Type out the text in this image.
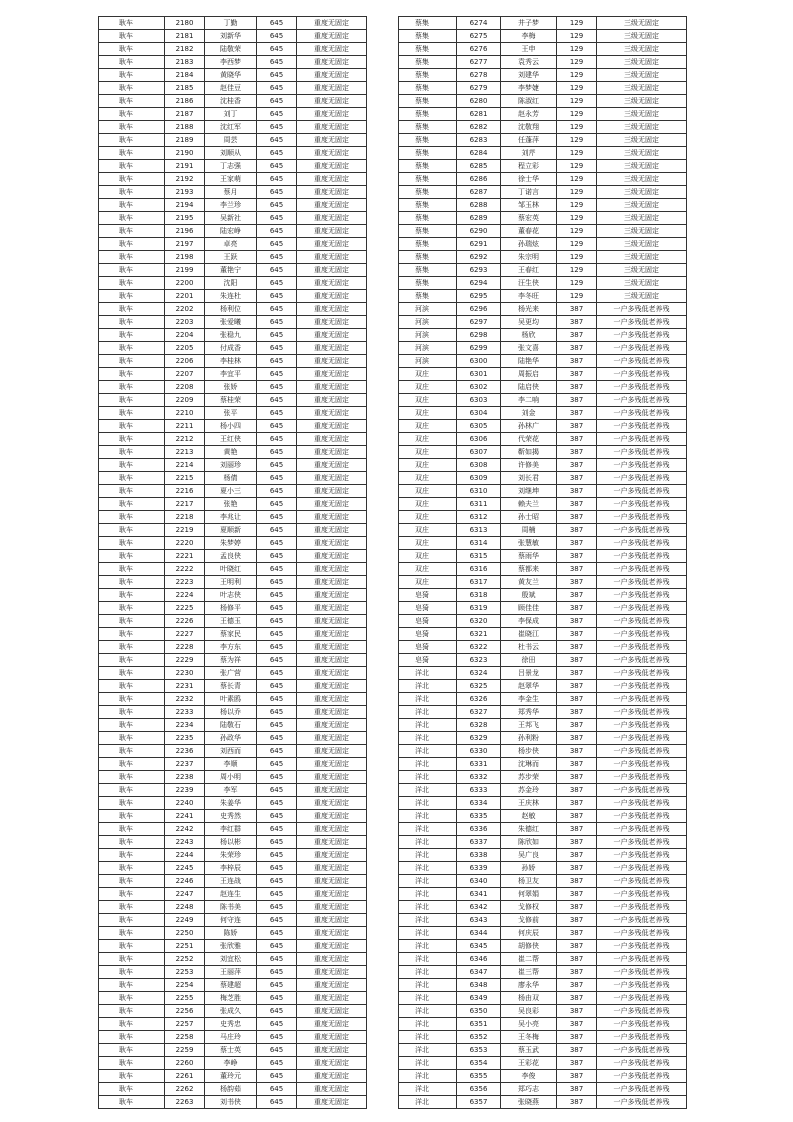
耿车	2180	丁勤	645	重度无固定
耿车	2181	刘新华	645	重度无固定
耿车	2182	陆敬荣	645	重度无固定
耿车	2183	李西梦	645	重度无固定
耿车	2184	黄晓华	645	重度无固定
耿车	2185	赵佳豆	645	重度无固定
耿车	2186	沈桂香	645	重度无固定
耿车	2187	刘丁	645	重度无固定
耿车	2188	沈红军	645	重度无固定
耿车	2189	周芸	645	重度无固定
耿车	2190	刘顺从	645	重度无固定
耿车	2191	丁志强	645	重度无固定
耿车	2192	王家萌	645	重度无固定
耿车	2193	蔡月	645	重度无固定
耿车	2194	李兰珍	645	重度无固定
耿车	2195	吴新社	645	重度无固定
耿车	2196	陆宏峥	645	重度无固定
耿车	2197	卓亮	645	重度无固定
耿车	2198	王跃	645	重度无固定
耿车	2199	董艳宁	645	重度无固定
耿车	2200	沈阳	645	重度无固定
耿车	2201	朱连杜	645	重度无固定
耿车	2202	杨利位	645	重度无固定
耿车	2203	张爱曦	645	重度无固定
耿车	2204	张稳九	645	重度无固定
耿车	2205	付成香	645	重度无固定
耿车	2206	李桂林	645	重度无固定
耿车	2207	李宜平	645	重度无固定
耿车	2208	张娇	645	重度无固定
耿车	2209	蔡桂荣	645	重度无固定
耿车	2210	张平	645	重度无固定
耿车	2211	杨小四	645	重度无固定
耿车	2212	王红侠	645	重度无固定
耿车	2213	黄艳	645	重度无固定
耿车	2214	刘丽珍	645	重度无固定
耿车	2215	杨倩	645	重度无固定
耿车	2216	夏小三	645	重度无固定
耿车	2217	张艳	645	重度无固定
耿车	2218	李兆让	645	重度无固定
耿车	2219	夏顺新	645	重度无固定
耿车	2220	朱梦婷	645	重度无固定
耿车	2221	孟良侠	645	重度无固定
耿车	2222	叶晓红	645	重度无固定
耿车	2223	王明利	645	重度无固定
耿车	2224	叶志侠	645	重度无固定
耿车	2225	杨修平	645	重度无固定
耿车	2226	王德玉	645	重度无固定
耿车	2227	蔡家民	645	重度无固定
耿车	2228	李方东	645	重度无固定
耿车	2229	蔡为祥	645	重度无固定
耿车	2230	张广营	645	重度无固定
耿车	2231	蔡长青	645	重度无固定
耿车	2232	叶素鸥	645	重度无固定
耿车	2233	杨以乔	645	重度无固定
耿车	2234	陆敬石	645	重度无固定
耿车	2235	孙政华	645	重度无固定
耿车	2236	刘西而	645	重度无固定
耿车	2237	李顺	645	重度无固定
耿车	2238	周小明	645	重度无固定
耿车	2239	李军	645	重度无固定
耿车	2240	朱姜华	645	重度无固定
耿车	2241	史秀然	645	重度无固定
耿车	2242	李红群	645	重度无固定
耿车	2243	杨以彬	645	重度无固定
耿车	2244	朱荣珍	645	重度无固定
耿车	2245	李梓辰	645	重度无固定
耿车	2246	王连战	645	重度无固定
耿车	2247	赵连生	645	重度无固定
耿车	2248	陈书美	645	重度无固定
耿车	2249	何守连	645	重度无固定
耿车	2250	陈娇	645	重度无固定
耿车	2251	张欣雅	645	重度无固定
耿车	2252	刘宜松	645	重度无固定
耿车	2253	王丽萍	645	重度无固定
耿车	2254	蔡建超	645	重度无固定
耿车	2255	梅芝胜	645	重度无固定
耿车	2256	张成久	645	重度无固定
耿车	2257	史秀忠	645	重度无固定
耿车	2258	马庄玲	645	重度无固定
耿车	2259	蔡士英	645	重度无固定
耿车	2260	李峥	645	重度无固定
耿车	2261	董玲元	645	重度无固定
耿车	2262	杨韵茹	645	重度无固定
耿车	2263	刘书侠	645	重度无固定
蔡集	6274	井子梦	129	三级无固定
蔡集	6275	李梅	129	三级无固定
蔡集	6276	王申	129	三级无固定
蔡集	6277	袁秀云	129	三级无固定
蔡集	6278	刘建华	129	三级无固定
蔡集	6279	李梦婕	129	三级无固定
蔡集	6280	陈淑红	129	三级无固定
蔡集	6281	赵永芳	129	三级无固定
蔡集	6282	沈敬翔	129	三级无固定
蔡集	6283	任蓬萍	129	三级无固定
蔡集	6284	刘芹	129	三级无固定
蔡集	6285	程立彩	129	三级无固定
蔡集	6286	徐士华	129	三级无固定
蔡集	6287	丁诺言	129	三级无固定
蔡集	6288	邹玉林	129	三级无固定
蔡集	6289	蔡宏英	129	三级无固定
蔡集	6290	董春花	129	三级无固定
蔡集	6291	孙瑞炫	129	三级无固定
蔡集	6292	朱宗明	129	三级无固定
蔡集	6293	王春红	129	三级无固定
蔡集	6294	汪生侠	129	三级无固定
蔡集	6295	李冬旺	129	三级无固定
河滨	6296	杨光来	387	一户多残低老养残
河滨	6297	吴更均	387	一户多残低老养残
河滨	6298	杨欣	387	一户多残低老养残
河滨	6299	张文喜	387	一户多残低老养残
河滨	6300	陆艳华	387	一户多残低老养残
双庄	6301	周振启	387	一户多残低老养残
双庄	6302	陆启侠	387	一户多残低老养残
双庄	6303	李二响	387	一户多残低老养残
双庄	6304	刘金	387	一户多残低老养残
双庄	6305	孙林广	387	一户多残低老养残
双庄	6306	代荣花	387	一户多残低老养残
双庄	6307	靳如揭	387	一户多残低老养残
双庄	6308	许修美	387	一户多残低老养残
双庄	6309	刘长君	387	一户多残低老养残
双庄	6310	刘继坤	387	一户多残低老养残
双庄	6311	赖夫兰	387	一户多残低老养残
双庄	6312	孙士昭	387	一户多残低老养残
双庄	6313	周楠	387	一户多残低老养残
双庄	6314	张慧敏	387	一户多残低老养残
双庄	6315	蔡雨华	387	一户多残低老养残
双庄	6316	蔡都来	387	一户多残低老养残
双庄	6317	黄友兰	387	一户多残低老养残
皂猗	6318	殷斌	387	一户多残低老养残
皂猗	6319	顾佳佳	387	一户多残低老养残
皂猗	6320	李保成	387	一户多残低老养残
皂猗	6321	崔晓江	387	一户多残低老养残
皂猗	6322	杜书云	387	一户多残低老养残
皂猗	6323	徐田	387	一户多残低老养残
洋北	6324	吕景龙	387	一户多残低老养残
洋北	6325	赵翠华	387	一户多残低老养残
洋北	6326	李金生	387	一户多残低老养残
洋北	6327	郑秀华	387	一户多残低老养残
洋北	6328	王邦飞	387	一户多残低老养残
洋北	6329	孙利粉	387	一户多残低老养残
洋北	6330	杨步侠	387	一户多残低老养残
洋北	6331	沈琳而	387	一户多残低老养残
洋北	6332	苏步荣	387	一户多残低老养残
洋北	6333	苏金玲	387	一户多残低老养残
洋北	6334	王庆林	387	一户多残低老养残
洋北	6335	赵敏	387	一户多残低老养残
洋北	6336	朱德红	387	一户多残低老养残
洋北	6337	陈欣如	387	一户多残低老养残
洋北	6338	吴广良	387	一户多残低老养残
洋北	6339	孙娇	387	一户多残低老养残
洋北	6340	杨卫友	387	一户多残低老养残
洋北	6341	何翠娟	387	一户多残低老养残
洋北	6342	戈修权	387	一户多残低老养残
洋北	6343	戈修前	387	一户多残低老养残
洋北	6344	何庆辰	387	一户多残低老养残
洋北	6345	胡修侠	387	一户多残低老养残
洋北	6346	崔二帮	387	一户多残低老养残
洋北	6347	崔三帮	387	一户多残低老养残
洋北	6348	廖永华	387	一户多残低老养残
洋北	6349	杨由双	387	一户多残低老养残
洋北	6350	吴良彩	387	一户多残低老养残
洋北	6351	吴小亮	387	一户多残低老养残
洋北	6352	王冬梅	387	一户多残低老养残
洋北	6353	蔡玉武	387	一户多残低老养残
洋北	6354	王彩花	387	一户多残低老养残
洋北	6355	李俊	387	一户多残低老养残
洋北	6356	郑巧志	387	一户多残低老养残
洋北	6357	张晓燕	387	一户多残低老养残
